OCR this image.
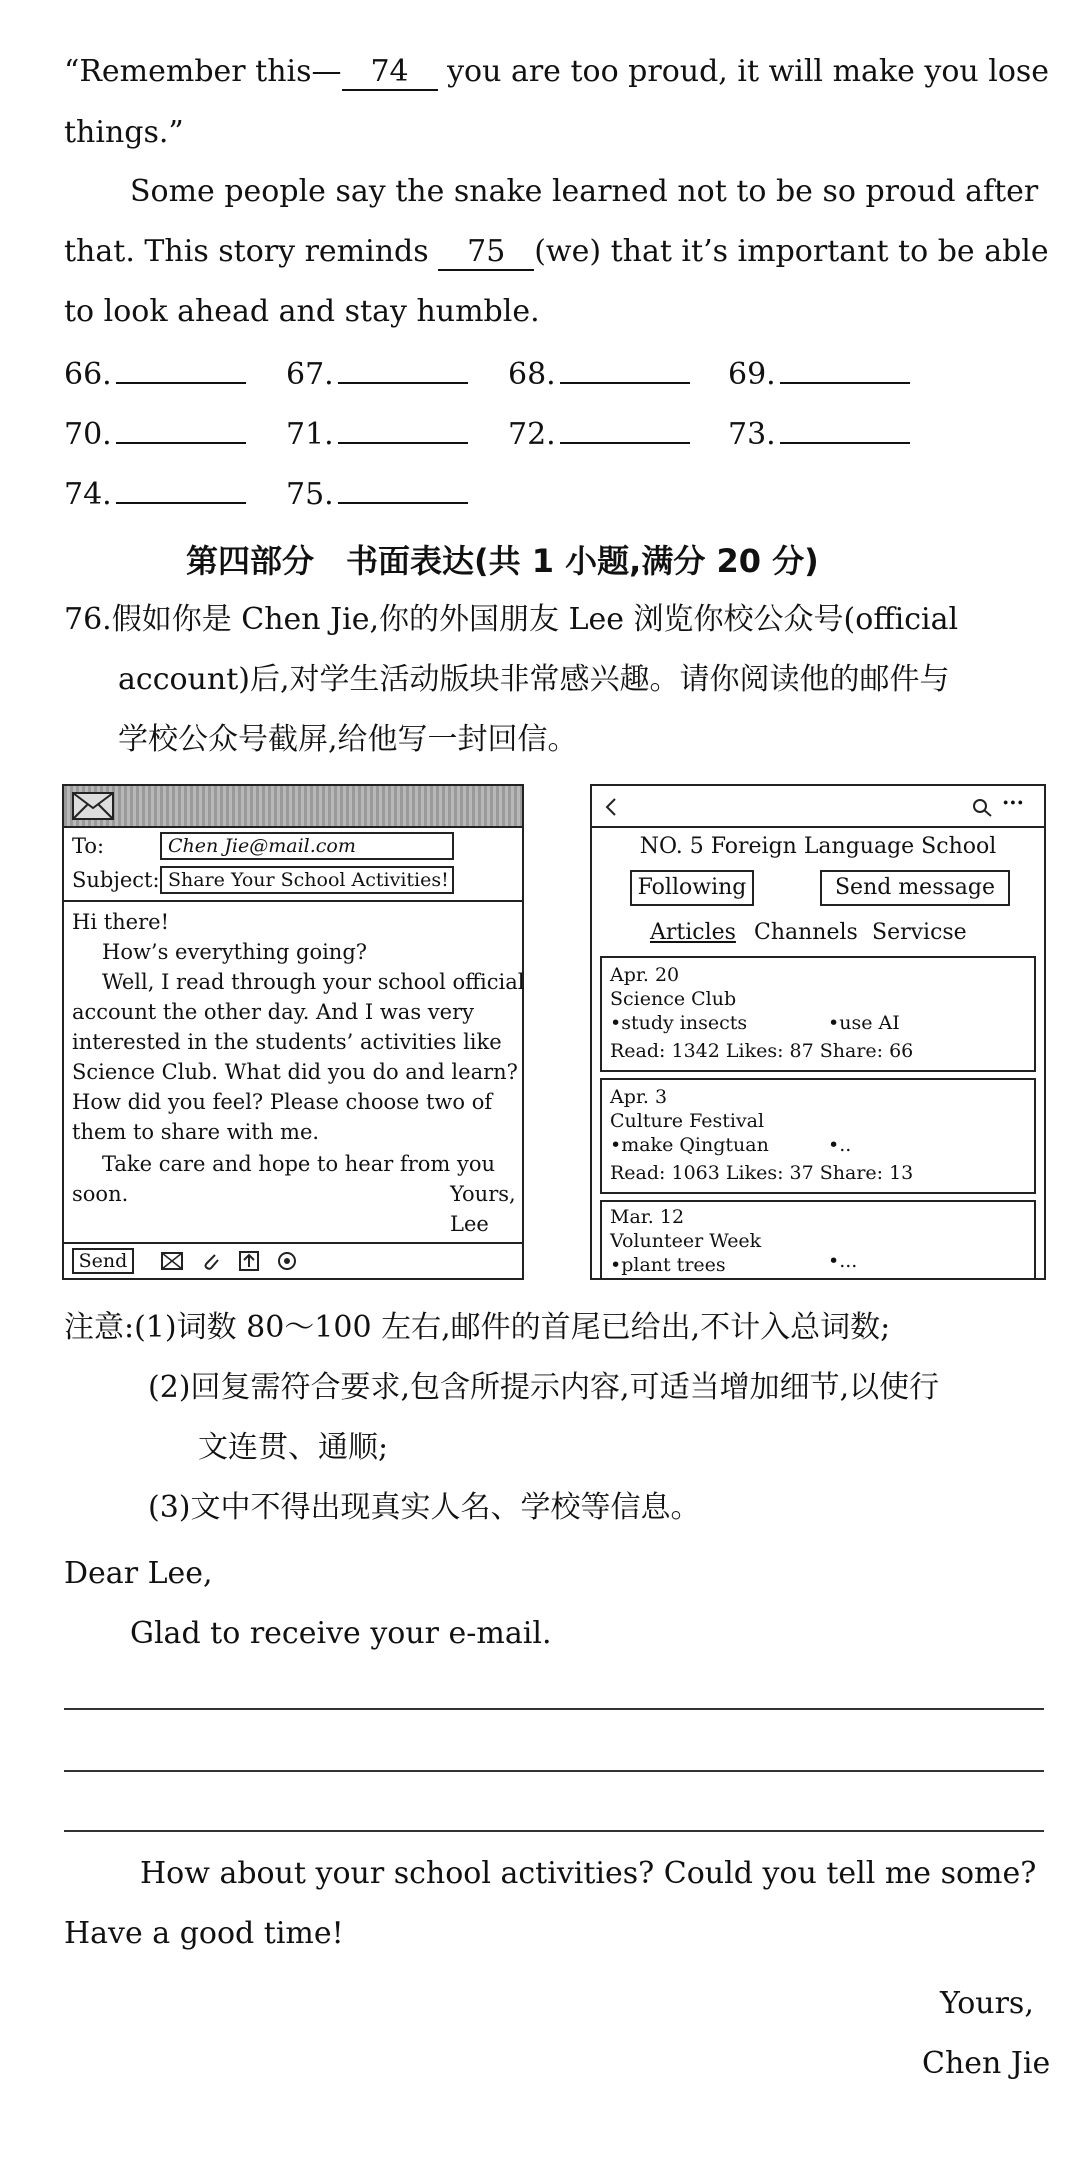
“Remember this— 74 you are too proud, it will make you lose
things.”
Some people say the snake learned not to be so proud after
that. This story reminds 75 (we) that it’s important to be able
to look ahead and stay humble.
66.	67.	68.	69.
70.	71.	72.	73.
74.	75.
第四部分　书面表达(共 1 小题,满分 20 分)
76.假如你是 Chen Jie,你的外国朋友 Lee 浏览你校公众号(official
account)后,对学生活动版块非常感兴趣。请你阅读他的邮件与
学校公众号截屏,给他写一封回信。
To:	Chen Jie@mail.com
Subject: Share Your School Activities!
Hi there!
How’s everything going?
Well, I read through your school official
account the other day. And I was very
interested in the students’ activities like
Science Club. What did you do and learn?
How did you feel? Please choose two of
them to share with me.
Take care and hope to hear from you
soon.	Yours,
Lee
Send
···
NO. 5 Foreign Language School
Following	Send message
Articles Channels Servicse
Apr. 20
Science Club
•study insects	•use AI
Read: 1342 Likes: 87 Share: 66
Apr. 3
Culture Festival
•make Qingtuan	•..
Read: 1063 Likes: 37 Share: 13
Mar. 12
Volunteer Week
•plant trees	•...
注意:(1)词数 80～100 左右,邮件的首尾已给出,不计入总词数;
(2)回复需符合要求,包含所提示内容,可适当增加细节,以使行
文连贯、通顺;
(3)文中不得出现真实人名、学校等信息。
Dear Lee,
Glad to receive your e-mail.
How about your school activities? Could you tell me some?
Have a good time!
Yours,
Chen Jie
